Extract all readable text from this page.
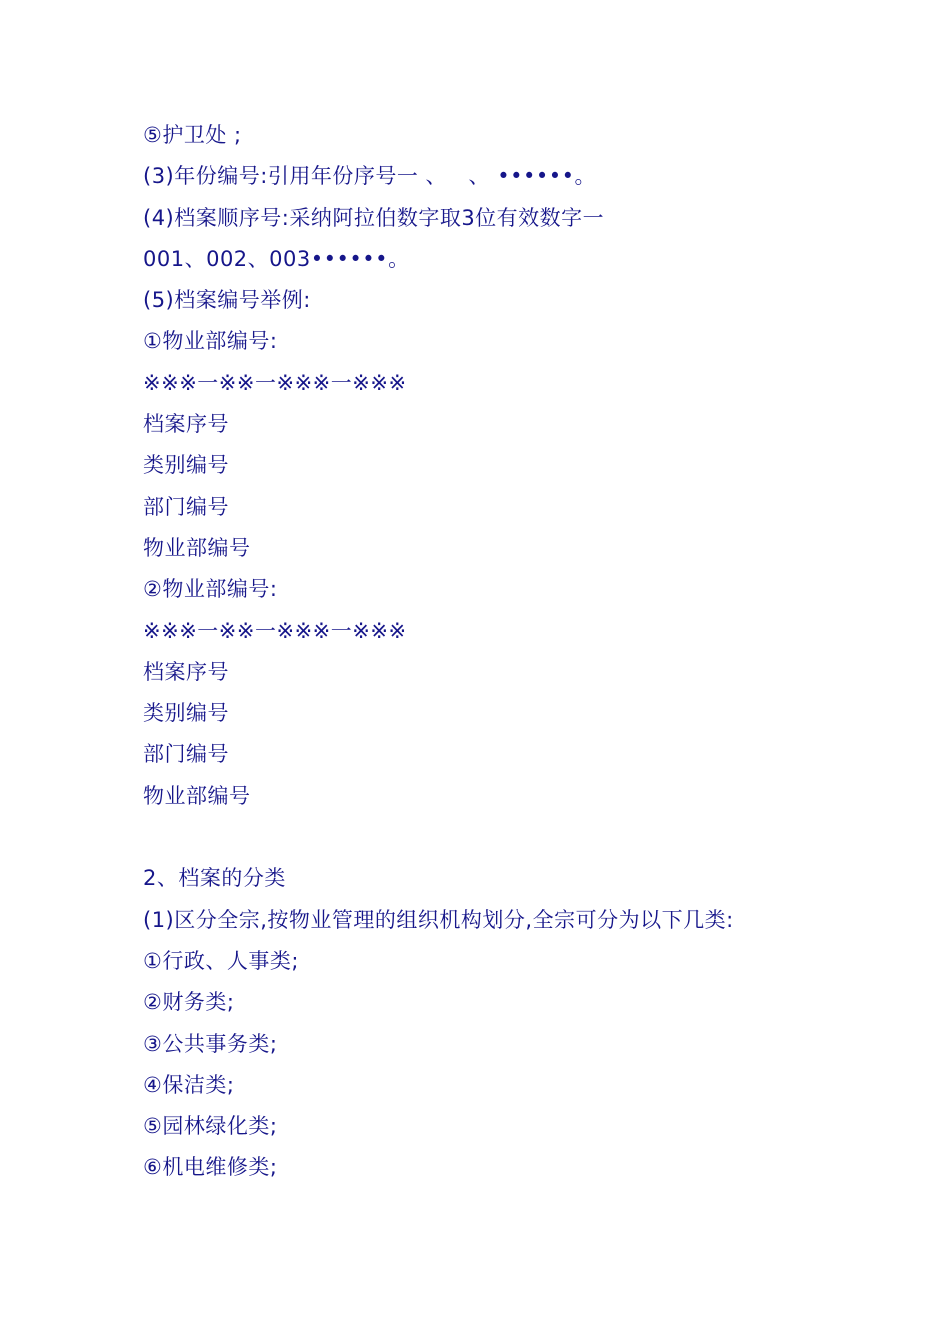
⑤护卫处 ;
(3)年份编号:引用年份序号一 、   、 ••••••。
(4)档案顺序号:采纳阿拉伯数字取3位有效数字一
001、002、003••••••。
(5)档案编号举例:
①物业部编号:
※※※一※※一※※※一※※※
档案序号
类别编号
部门编号
物业部编号
②物业部编号:
※※※一※※一※※※一※※※
档案序号
类别编号
部门编号
物业部编号
2、档案的分类
(1)区分全宗,按物业管理的组织机构划分,全宗可分为以下几类:
①行政、人事类;
②财务类;
③公共事务类;
④保洁类;
⑤园林绿化类;
⑥机电维修类;
